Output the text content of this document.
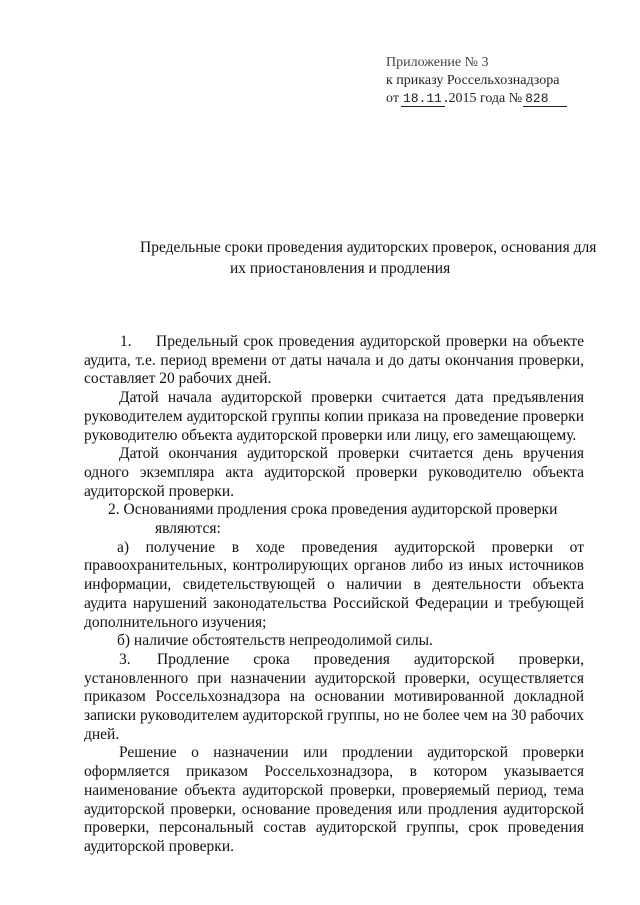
Приложение № 3
к приказу Россельхознадзора
от 18.11. 2015 года № 828
Предельные сроки проведения аудиторских проверок, основания для
их приостановления и продления

1. Предельный срок проведения аудиторской проверки на объекте аудита, т.е. период времени от даты начала и до даты окончания проверки, составляет 20 рабочих дней.

Датой начала аудиторской проверки считается дата предъявления руководителем аудиторской группы копии приказа на проведение проверки руководителю объекта аудиторской проверки или лицу, его замещающему.

Датой окончания аудиторской проверки считается день вручения одного экземпляра акта аудиторской проверки руководителю объекта аудиторской проверки.

2. Основаниями продления срока проведения аудиторской проверки

являются:

а) получение в ходе проведения аудиторской проверки от правоохранительных, контролирующих органов либо из иных источников информации, свидетельствующей о наличии в деятельности объекта аудита нарушений законодательства Российской Федерации и требующей дополнительного изучения;

б) наличие обстоятельств непреодолимой силы.

3. Продление срока проведения аудиторской проверки, установленного при назначении аудиторской проверки, осуществляется приказом Россельхознадзора на основании мотивированной докладной записки руководителем аудиторской группы, но не более чем на 30 рабочих дней.

Решение о назначении или продлении аудиторской проверки оформляется приказом Россельхознадзора, в котором указывается наименование объекта аудиторской проверки, проверяемый период, тема аудиторской проверки, основание проведения или продления аудиторской проверки, персональный состав аудиторской группы, срок проведения аудиторской проверки.
